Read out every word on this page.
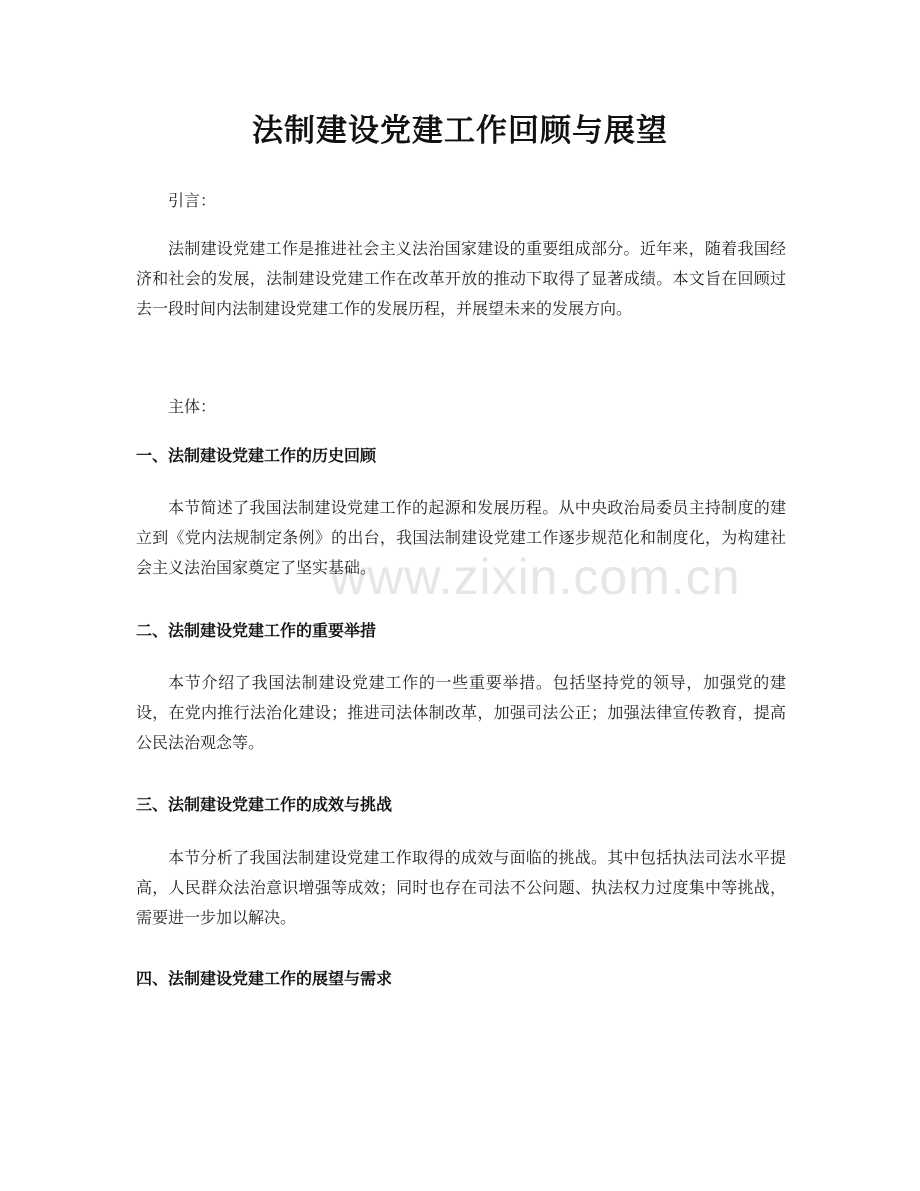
www.zixin.com.cn
法制建设党建工作回顾与展望
引言：
法制建设党建工作是推进社会主义法治国家建设的重要组成部分。近年来，随着我国经济和社会的发展，法制建设党建工作在改革开放的推动下取得了显著成绩。本文旨在回顾过去一段时间内法制建设党建工作的发展历程，并展望未来的发展方向。
主体：
一、法制建设党建工作的历史回顾
本节简述了我国法制建设党建工作的起源和发展历程。从中央政治局委员主持制度的建立到《党内法规制定条例》的出台，我国法制建设党建工作逐步规范化和制度化，为构建社会主义法治国家奠定了坚实基础。
二、法制建设党建工作的重要举措
本节介绍了我国法制建设党建工作的一些重要举措。包括坚持党的领导，加强党的建设，在党内推行法治化建设；推进司法体制改革，加强司法公正；加强法律宣传教育，提高公民法治观念等。
三、法制建设党建工作的成效与挑战
本节分析了我国法制建设党建工作取得的成效与面临的挑战。其中包括执法司法水平提高，人民群众法治意识增强等成效；同时也存在司法不公问题、执法权力过度集中等挑战，需要进一步加以解决。
四、法制建设党建工作的展望与需求
